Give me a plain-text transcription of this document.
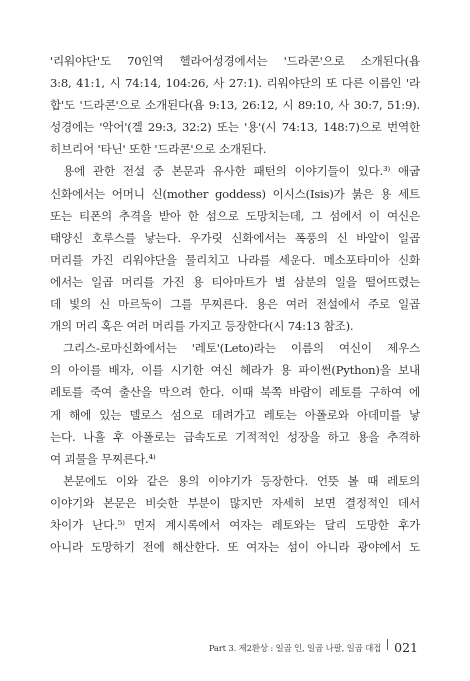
'리워야단'도 70인역 헬라어성경에서는 '드라콘'으로 소개된다(욥
3:8, 41:1, 시 74:14, 104:26, 사 27:1). 리워야단의 또 다른 이름인 '라
합'도 '드라콘'으로 소개된다(욥 9:13, 26:12, 시 89:10, 사 30:7, 51:9).
성경에는 '악어'(겔 29:3, 32:2) 또는 '용'(시 74:13, 148:7)으로 번역한
히브리어 '타닌' 또한 '드라콘'으로 소개된다.
용에 관한 전설 중 본문과 유사한 패턴의 이야기들이 있다.³⁾ 애굽
신화에서는 어머니 신(mother goddess) 이시스(Isis)가 붉은 용 세트
또는 티폰의 추격을 받아 한 섬으로 도망치는데, 그 섬에서 이 여신은
태양신 호루스를 낳는다. 우가릿 신화에서는 폭풍의 신 바알이 일곱
머리를 가진 리워야단을 물리치고 나라를 세운다. 메소포타미아 신화
에서는 일곱 머리를 가진 용 티아마트가 별 삼분의 일을 떨어뜨렸는
데 빛의 신 마르둑이 그를 무찌른다. 용은 여러 전설에서 주로 일곱
개의 머리 혹은 여러 머리를 가지고 등장한다(시 74:13 참조).
그리스-로마신화에서는 '레토'(Leto)라는 이름의 여신이 제우스
의 아이를 배자, 이를 시기한 여신 헤라가 용 파이썬(Python)을 보내
레토를 죽여 출산을 막으려 한다. 이때 북쪽 바람이 레토를 구하여 에
게 해에 있는 델로스 섬으로 데려가고 레토는 아폴로와 아데미를 낳
는다. 나흘 후 아폴로는 급속도로 기적적인 성장을 하고 용을 추격하
여 괴물을 무찌른다.⁴⁾
본문에도 이와 같은 용의 이야기가 등장한다. 언뜻 볼 때 레토의
이야기와 본문은 비슷한 부분이 많지만 자세히 보면 결정적인 데서
차이가 난다.⁵⁾ 먼저 계시록에서 여자는 레토와는 달리 도망한 후가
아니라 도망하기 전에 해산한다. 또 여자는 섬이 아니라 광야에서 도
Part 3. 제2환상 : 일곱 인, 일곱 나팔, 일곱 대접 021
